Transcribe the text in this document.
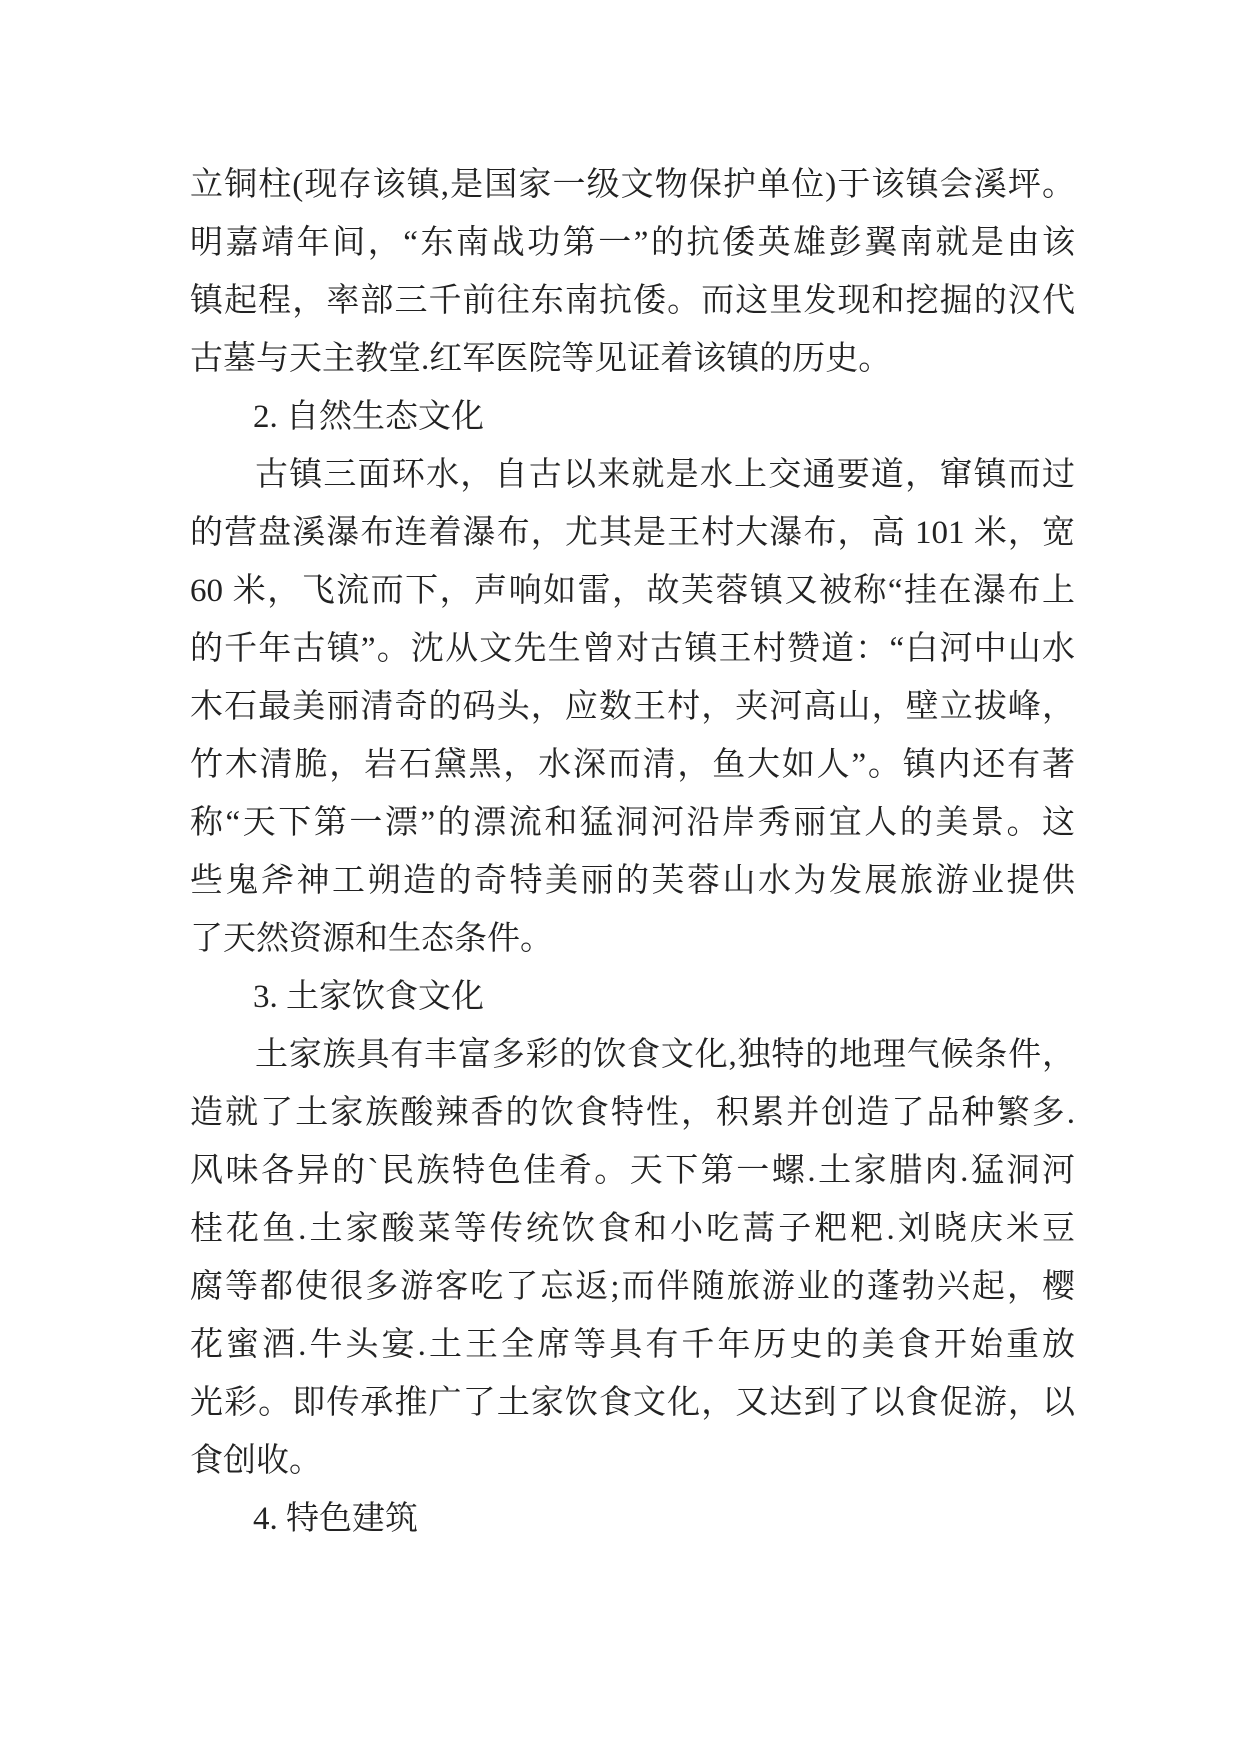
立铜柱(现存该镇,是国家一级文物保护单位)于该镇会溪坪。
明嘉靖年间，“东南战功第一”的抗倭英雄彭翼南就是由该
镇起程，率部三千前往东南抗倭。而这里发现和挖掘的汉代
古墓与天主教堂.红军医院等见证着该镇的历史。
2. 自然生态文化
古镇三面环水，自古以来就是水上交通要道，窜镇而过
的营盘溪瀑布连着瀑布，尤其是王村大瀑布，高 101 米，宽
60 米，飞流而下，声响如雷，故芙蓉镇又被称“挂在瀑布上
的千年古镇”。沈从文先生曾对古镇王村赞道：“白河中山水
木石最美丽清奇的码头，应数王村，夹河高山，壁立拔峰，
竹木清脆，岩石黛黑，水深而清，鱼大如人”。镇内还有著
称“天下第一漂”的漂流和猛洞河沿岸秀丽宜人的美景。这
些鬼斧神工朔造的奇特美丽的芙蓉山水为发展旅游业提供
了天然资源和生态条件。
3. 土家饮食文化
土家族具有丰富多彩的饮食文化,独特的地理气候条件，
造就了土家族酸辣香的饮食特性，积累并创造了品种繁多.
风味各异的`民族特色佳肴。天下第一螺.土家腊肉.猛洞河
桂花鱼.土家酸菜等传统饮食和小吃蒿子粑粑.刘晓庆米豆
腐等都使很多游客吃了忘返;而伴随旅游业的蓬勃兴起，樱
花蜜酒.牛头宴.土王全席等具有千年历史的美食开始重放
光彩。即传承推广了土家饮食文化，又达到了以食促游，以
食创收。
4. 特色建筑
